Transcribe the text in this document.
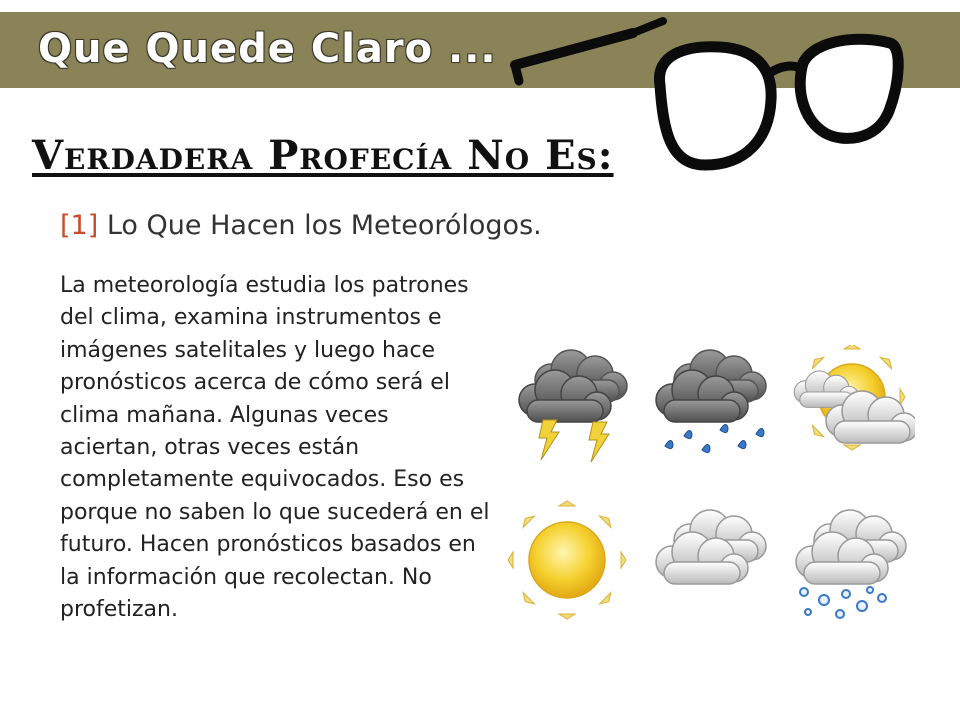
Que Quede Claro ...
Verdadera Profecía No Es:
[1] Lo Que Hacen los Meteorólogos.
La meteorología estudia los patrones del clima, examina instrumentos e imágenes satelitales y luego hace pronósticos acerca de cómo será el clima mañana. Algunas veces aciertan, otras veces están completamente equivocados. Eso es porque no saben lo que sucederá en el futuro. Hacen pronósticos basados en la información que recolectan. No profetizan.
